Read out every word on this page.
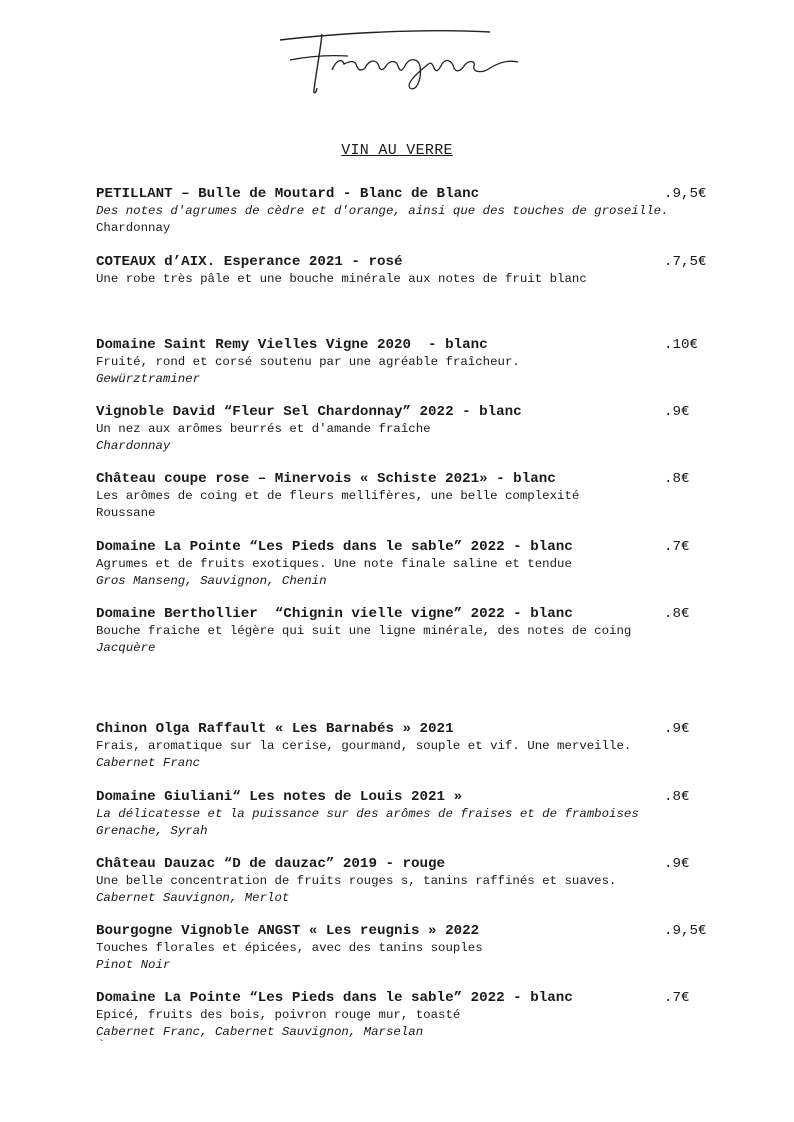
Frangins
VIN AU VERRE
PETILLANT – Bulle de Moutard - Blanc de Blanc	.9,5€
Des notes d'agrumes de cèdre et d'orange, ainsi que des touches de groseille.
Chardonnay
COTEAUX d’AIX. Esperance 2021 - rosé	.7,5€
Une robe très pâle et une bouche minérale aux notes de fruit blanc
Domaine Saint Remy Vielles Vigne 2020  - blanc	.10€
Fruité, rond et corsé soutenu par une agréable fraîcheur.
Gewürztraminer
Vignoble David “Fleur Sel Chardonnay” 2022 - blanc	.9€
Un nez aux arômes beurrés et d'amande fraîche
Chardonnay
Château coupe rose – Minervois « Schiste 2021» - blanc	.8€
Les arômes de coing et de fleurs mellifères, une belle complexité
Roussane
Domaine La Pointe “Les Pieds dans le sable” 2022 - blanc	.7€
Agrumes et de fruits exotiques. Une note finale saline et tendue
Gros Manseng, Sauvignon, Chenin
Domaine Berthollier  “Chignin vielle vigne” 2022 - blanc	.8€
Bouche fraiche et légère qui suit une ligne minérale, des notes de coing
Jacquère
Chinon Olga Raffault « Les Barnabés » 2021	.9€
Frais, aromatique sur la cerise, gourmand, souple et vif. Une merveille.
Cabernet Franc
Domaine Giuliani“ Les notes de Louis 2021 »	.8€
La délicatesse et la puissance sur des arômes de fraises et de framboises
Grenache, Syrah
Château Dauzac “D de dauzac” 2019 - rouge	.9€
Une belle concentration de fruits rouges s, tanins raffinés et suaves.
Cabernet Sauvignon, Merlot
Bourgogne Vignoble ANGST « Les reugnis » 2022	.9,5€
Touches florales et épicées, avec des tanins souples
Pinot Noir
Domaine La Pointe “Les Pieds dans le sable” 2022 - blanc	.7€
Epicé, fruits des bois, poivron rouge mur, toasté
Cabernet Franc, Cabernet Sauvignon, Marselan
`
